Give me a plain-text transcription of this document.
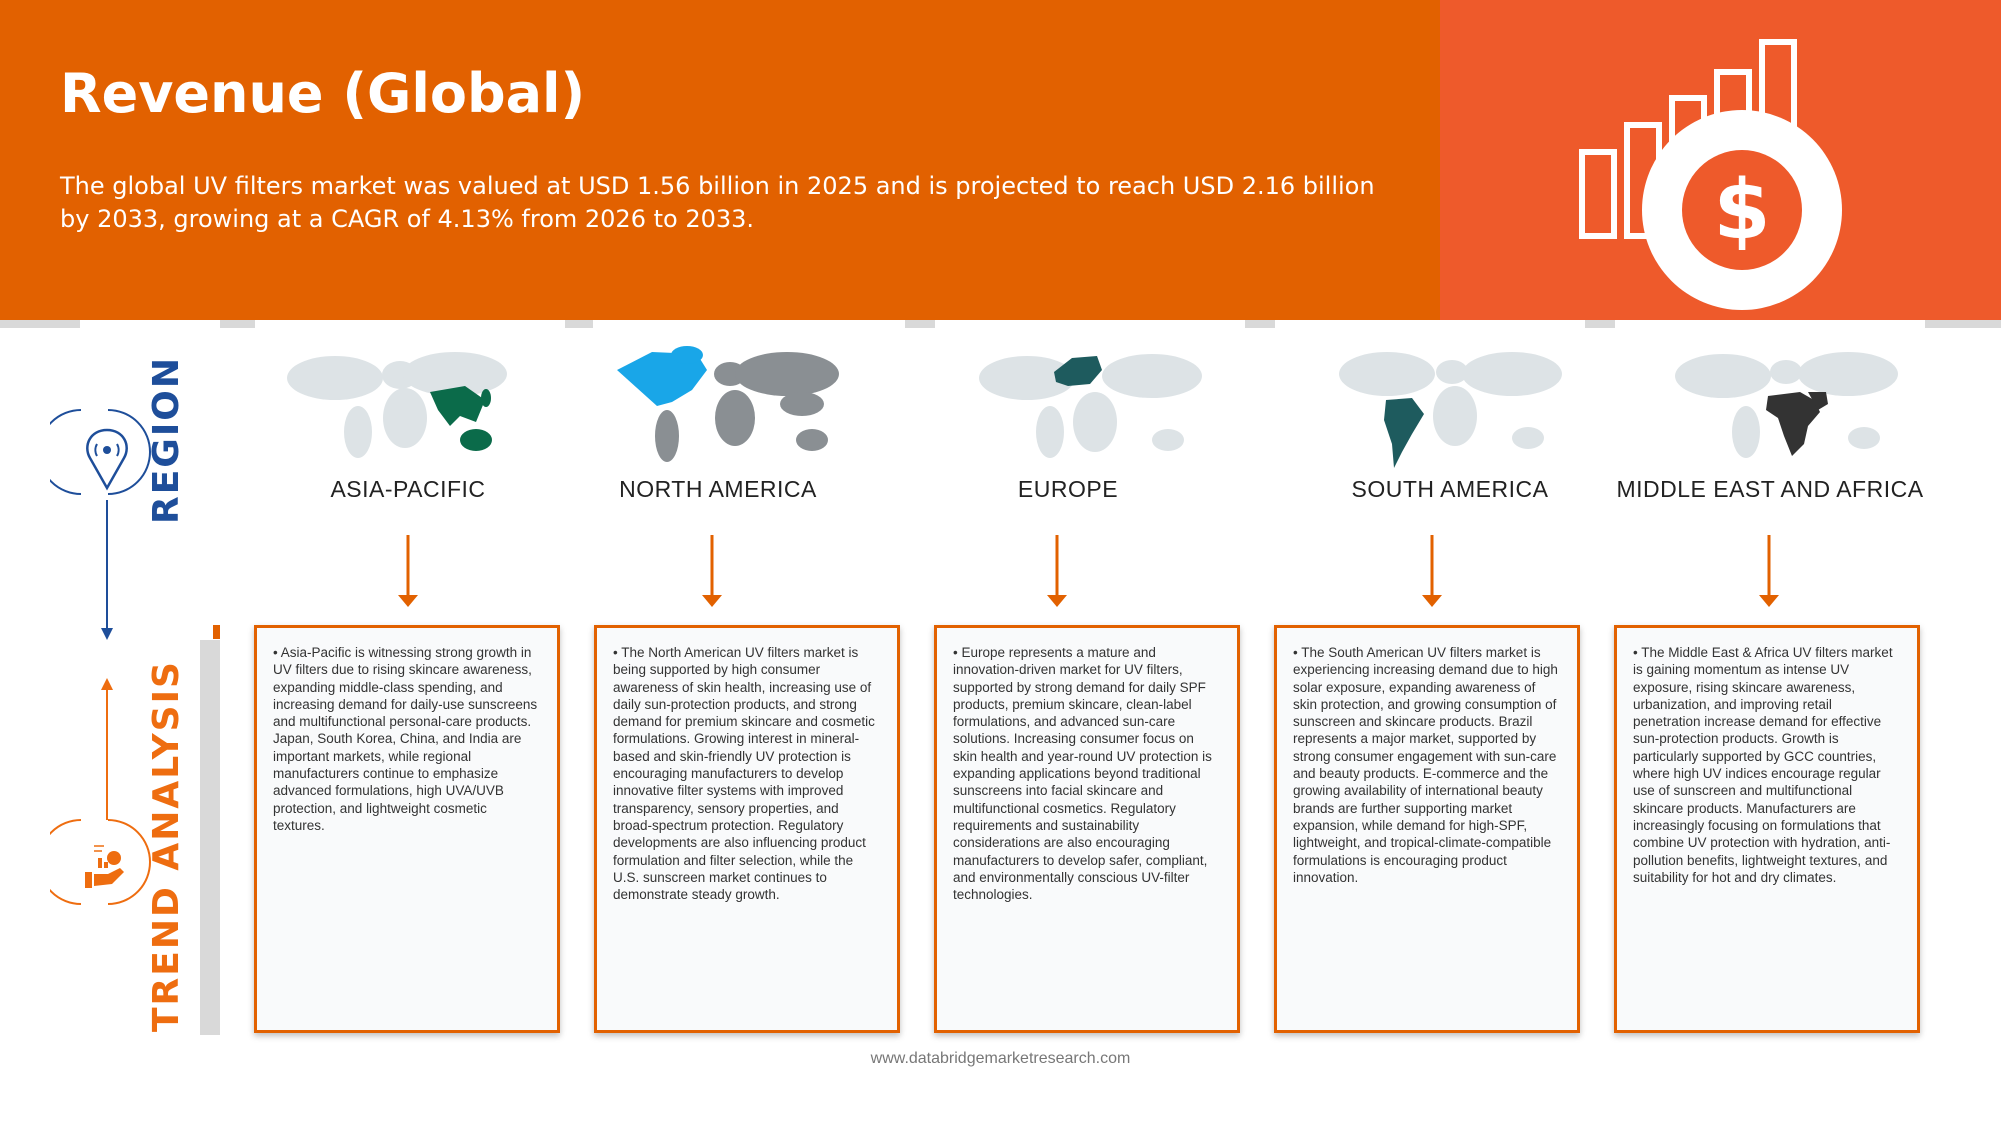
$
Revenue (Global)
The global UV filters market was valued at USD 1.56 billion in 2025 and is projected to reach USD 2.16 billion by 2033, growing at a CAGR of 4.13% from 2026 to 2033.
REGION
TREND ANALYSIS
ASIA-PACIFIC	NORTH AMERICA	EUROPE	SOUTH AMERICA	MIDDLE EAST AND AFRICA
• Asia-Pacific is witnessing strong growth in UV filters due to rising skincare awareness, expanding middle-class spending, and increasing demand for daily-use sunscreens and multifunctional personal-care products. Japan, South Korea, China, and India are important markets, while regional manufacturers continue to emphasize advanced formulations, high UVA/UVB protection, and lightweight cosmetic textures.
• The North American UV filters market is being supported by high consumer awareness of skin health, increasing use of daily sun-protection products, and strong demand for premium skincare and cosmetic formulations. Growing interest in mineral-based and skin-friendly UV protection is encouraging manufacturers to develop innovative filter systems with improved transparency, sensory properties, and broad-spectrum protection. Regulatory developments are also influencing product formulation and filter selection, while the U.S. sunscreen market continues to demonstrate steady growth.
• Europe represents a mature and innovation-driven market for UV filters, supported by strong demand for daily SPF products, premium skincare, clean-label formulations, and advanced sun-care solutions. Increasing consumer focus on skin health and year-round UV protection is expanding applications beyond traditional sunscreens into facial skincare and multifunctional cosmetics. Regulatory requirements and sustainability considerations are also encouraging manufacturers to develop safer, compliant, and environmentally conscious UV-filter technologies.
• The South American UV filters market is experiencing increasing demand due to high solar exposure, expanding awareness of skin protection, and growing consumption of sunscreen and skincare products. Brazil represents a major market, supported by strong consumer engagement with sun-care and beauty products. E-commerce and the growing availability of international beauty brands are further supporting market expansion, while demand for high-SPF, lightweight, and tropical-climate-compatible formulations is encouraging product innovation.
• The Middle East & Africa UV filters market is gaining momentum as intense UV exposure, rising skincare awareness, urbanization, and improving retail penetration increase demand for effective sun-protection products. Growth is particularly supported by GCC countries, where high UV indices encourage regular use of sunscreen and multifunctional skincare products. Manufacturers are increasingly focusing on formulations that combine UV protection with hydration, anti-pollution benefits, lightweight textures, and suitability for hot and dry climates.
www.databridgemarketresearch.com
